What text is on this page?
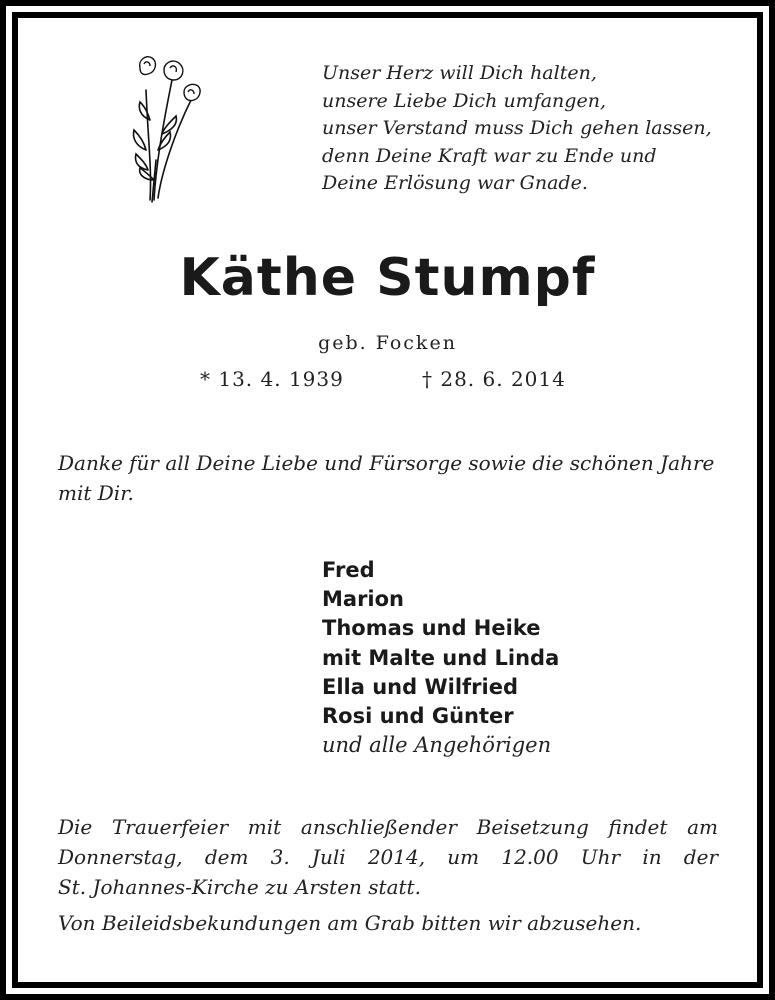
Unser Herz will Dich halten,
unsere Liebe Dich umfangen,
unser Verstand muss Dich gehen lassen,
denn Deine Kraft war zu Ende und
Deine Erlösung war Gnade.
Käthe Stumpf
geb. Focken
* 13. 4. 1939	† 28. 6. 2014
Danke für all Deine Liebe und Fürsorge sowie die schönen Jahre mit Dir.
Fred
Marion
Thomas und Heike
mit Malte und Linda
Ella und Wilfried
Rosi und Günter
und alle Angehörigen
Die Trauerfeier mit anschließender Beisetzung findet am
Donnerstag, dem 3. Juli 2014, um 12.00 Uhr in der
St. Johannes-Kirche zu Arsten statt.
Von Beileidsbekundungen am Grab bitten wir abzusehen.
